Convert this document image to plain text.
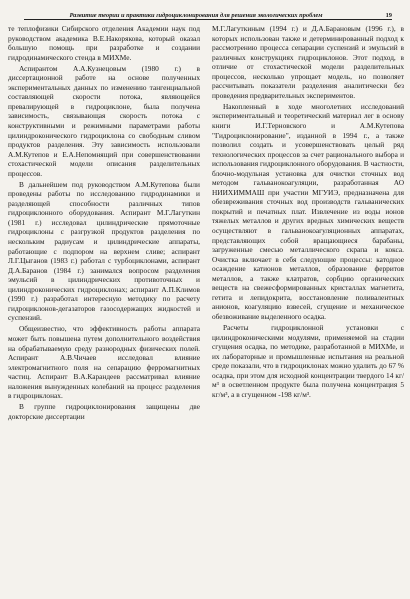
Развитие теории и практики гидроциклонирования для решения экологических проблем	19

те теплофизики Сибирского отделения Академии наук под руководством академика В.Е.Накорякова, который оказал большую помощь при разработке и создании гидродинамического стенда в МИХМе.

Аспирантом А.А.Кузнецовым (1980 г.) в диссертационной работе на основе полученных экспериментальных данных по изменению тангенциальной составляющей скорости потока, являющейся превалирующей в гидроциклоне, была получена зависимость, связывающая скорость потока с конструктивными и режимными параметрами работы цилиндроконического гидроциклона со свободным сливом продуктов разделения. Эту зависимость использовали А.М.Кутепов и Е.А.Непомнящий при совершенствовании стохастической модели описания разделительных процессов.

В дальнейшем под руководством А.М.Кутепова были проведены работы по исследованию гидродинамики и разделяющей способности различных типов гидроциклонного оборудования. Аспирант М.Г.Лагуткин (1981 г.) исследовал цилиндрические прямоточные гидроциклоны с разгрузкой продуктов разделения по нескольким радиусам и цилиндрические аппараты, работающие с подпором на верхнем сливе; аспирант Л.Г.Цыганов (1983 г.) работал с турбоциклонами, аспирант Д.А.Баранов (1984 г.) занимался вопросом разделения эмульсий в цилиндрических противоточных и цилиндроконических гидроциклонах; аспирант А.П.Климов (1990 г.) разработал интересную методику по расчету гидроциклонов-дегазаторов газосодержащих жидкостей и суспензий.

Общеизвестно, что эффективность работы аппарата может быть повышена путем дополнительного воздействия на обрабатываемую среду разнородных физических полей. Аспирант А.В.Чичаев исследовал влияние электромагнитного поля на сепарацию ферромагнитных частиц. Аспирант В.А.Карандеев рассматривал влияние наложения вынужденных колебаний на процесс разделения в гидроциклонах.

В группе гидроциклонирования защищены две докторские диссертации

М.Г.Лагуткиным (1994 г.) и Д.А.Барановым (1996 г.), в которых использован также и детерминированный подход к рассмотрению процесса сепарации суспензий и эмульсий в различных конструкциях гидроциклонов. Этот подход, в отличие от стохастической модели разделительных процессов, несколько упрощает модель, но позволяет рассчитывать показатели разделения аналитически без проведения предварительных экспериментов.

Накопленный в ходе многолетних исследований экспериментальный и теоретический материал лег в основу книги И.Г.Терновского и А.М.Кутепова "Гидроциклонирование", изданной в 1994 г., а также позволил создать и усовершенствовать целый ряд технологических процессов за счет рационального выбора и использования гидроциклонного оборудования. В частности, блочно-модульная установка для очистки сточных вод методом гальванокоагуляции, разработанная АО НИИХИММАШ при участии МГУИЭ, предназначена для обезвреживания сточных вод производств гальванических покрытий и печатных плат. Извлечение из воды ионов тяжелых металлов и других вредных химических веществ осуществляют в гальванокоагуляционных аппаратах, представляющих собой вращающиеся барабаны, загруженные смесью металлического скрапа и кокса. Очистка включает в себя следующие процессы: катодное осаждение катионов металлов, образование ферритов металлов, а также клатратов, сорбцию органических веществ на свежесформированных кристаллах магнетита, гетита и лепидокрита, восстановление поливалентных анионов, коагуляцию взвесей, сгущение и механическое обезвоживание выделенного осадка.

Расчеты гидроциклонной установки с цилиндроконическими модулями, применяемой на стадии сгущения осадка, по методике, разработанной в МИХМе, и их лабораторные и промышленные испытания на реальной среде показали, что в гидроциклонах можно удалить до 67 % осадка, при этом для исходной концентрации твердого 14 кг/м³ в осветленном продукте была получена концентрация 5 кг/м³, а в сгущенном -198 кг/м³.
